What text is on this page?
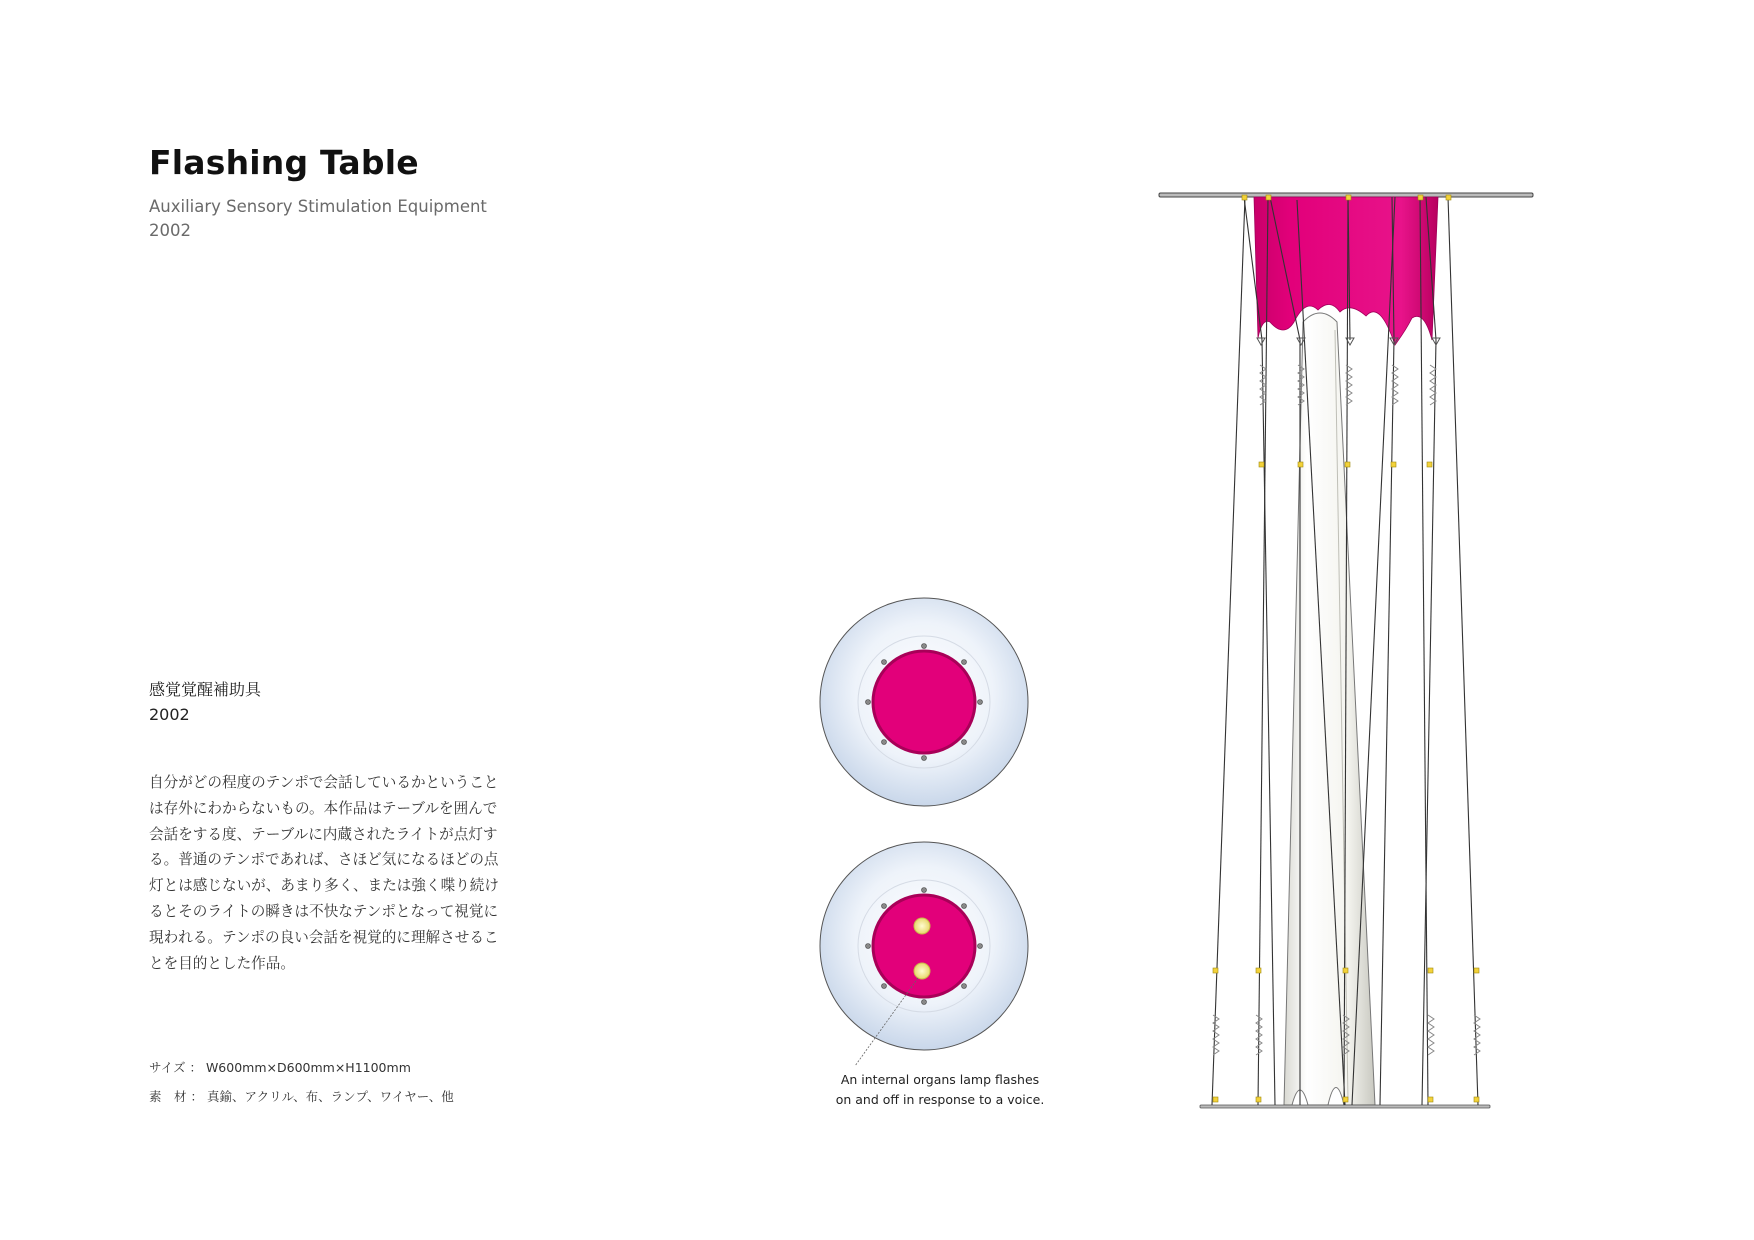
Flashing Table
Auxiliary Sensory Stimulation Equipment
2002
感覚覚醒補助具
2002
自分がどの程度のテンポで会話しているかということは存外にわからないもの。本作品はテーブルを囲んで会話をする度、テーブルに内蔵されたライトが点灯する。普通のテンポであれば、さほど気になるほどの点灯とは感じないが、あまり多く、または強く喋り続けるとそのライトの瞬きは不快なテンポとなって視覚に現われる。テンポの良い会話を視覚的に理解させることを目的とした作品。
サイズ ： W600mm×D600mm×H1100mm
素　材 ： 真鍮、アクリル、布、ランプ、ワイヤー、他
An internal organs lamp flashes
on and off in response to a voice.
